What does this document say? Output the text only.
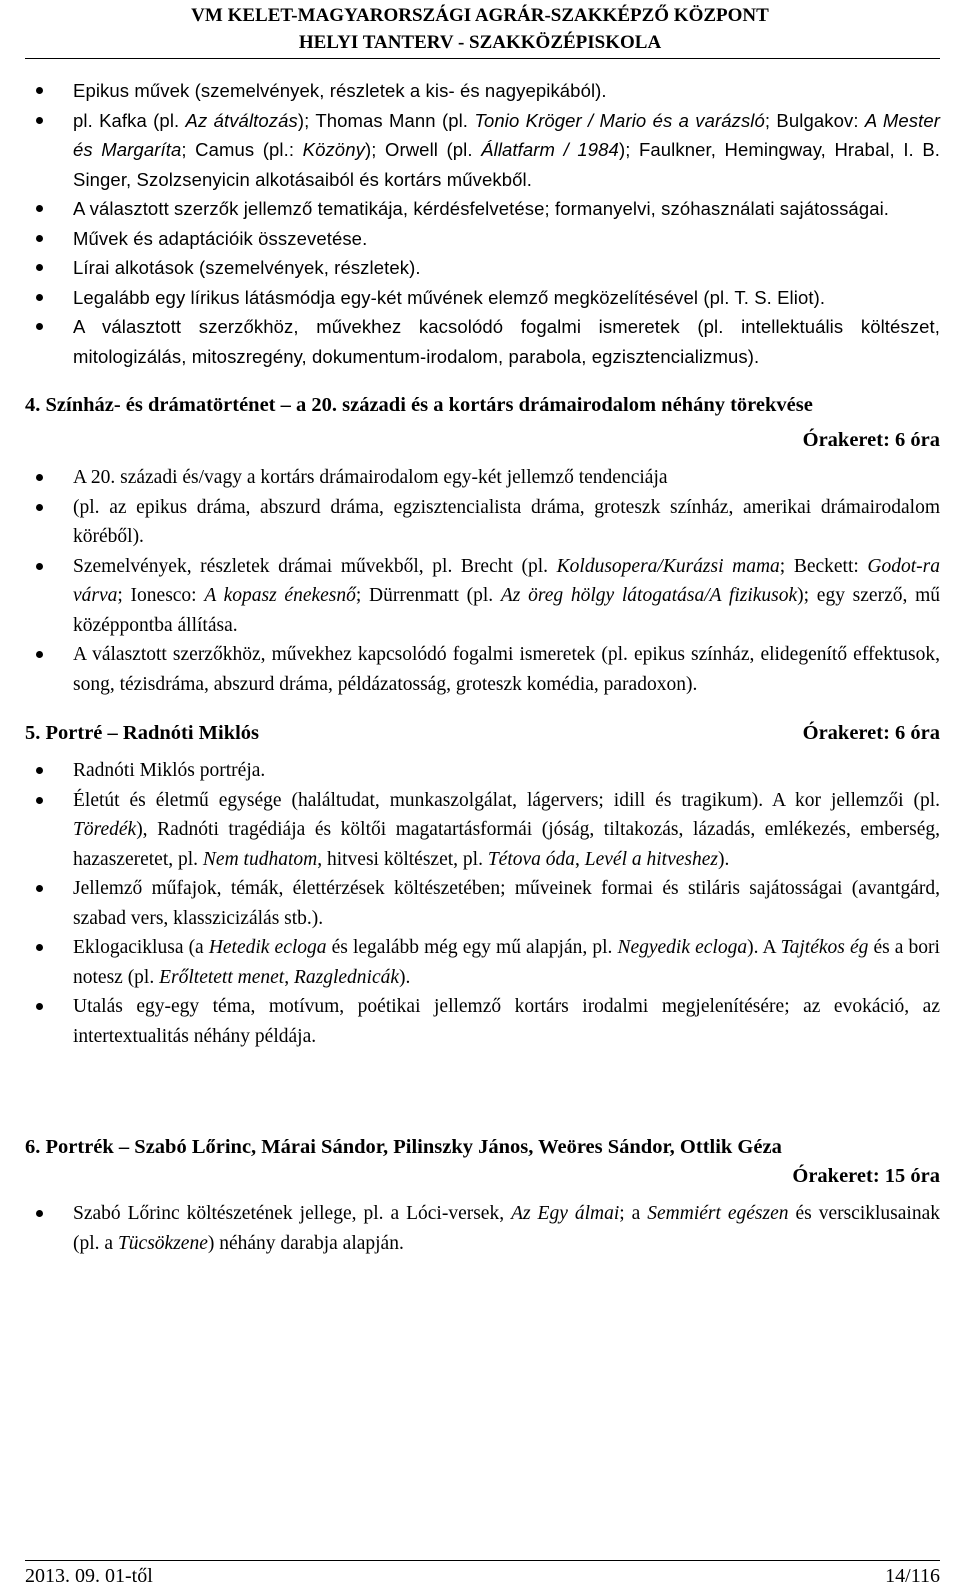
VM KELET-MAGYARORSZÁGI AGRÁR-SZAKKÉPZŐ KÖZPONT
HELYI TANTERV - SZAKKÖZÉPISKOLA
Epikus művek (szemelvények, részletek a kis- és nagyepikából).
pl. Kafka (pl. Az átváltozás); Thomas Mann (pl. Tonio Kröger / Mario és a varázsló; Bulgakov: A Mester és Margaríta; Camus (pl.: Közöny); Orwell (pl. Állatfarm / 1984); Faulkner, Hemingway, Hrabal, I. B. Singer, Szolzsenyicin alkotásaiból és kortárs művekből.
A választott szerzők jellemző tematikája, kérdésfelvetése; formanyelvi, szóhasználati sajátosságai.
Művek és adaptációik összevetése.
Lírai alkotások (szemelvények, részletek).
Legalább egy lírikus látásmódja egy-két művének elemző megközelítésével (pl. T. S. Eliot).
A választott szerzőkhöz, művekhez kacsolódó fogalmi ismeretek (pl. intellektuális költészet, mitologizálás, mitoszregény, dokumentum-irodalom, parabola, egzisztencializmus).

4. Színház- és drámatörténet – a 20. századi és a kortárs drámairodalom néhány törekvése

Órakeret: 6 óra
A 20. századi és/vagy a kortárs drámairodalom egy-két jellemző tendenciája
(pl. az epikus dráma, abszurd dráma, egzisztencialista dráma, groteszk színház, amerikai drámairodalom köréből).
Szemelvények, részletek drámai művekből, pl. Brecht (pl. Koldusopera/Kurázsi mama; Beckett: Godot-ra várva; Ionesco: A kopasz énekesnő; Dürrenmatt (pl. Az öreg hölgy látogatása/A fizikusok); egy szerző, mű középpontba állítása.
A választott szerzőkhöz, művekhez kapcsolódó fogalmi ismeretek (pl. epikus színház, elidegenítő effektusok, song, tézisdráma, abszurd dráma, példázatosság, groteszk komédia, paradoxon).
5. Portré – Radnóti Miklós	Órakeret: 6 óra
Radnóti Miklós portréja.
Életút és életmű egysége (haláltudat, munkaszolgálat, lágervers; idill és tragikum). A kor jellemzői (pl. Töredék), Radnóti tragédiája és költői magatartásformái (jóság, tiltakozás, lázadás, emlékezés, emberség, hazaszeretet, pl. Nem tudhatom, hitvesi költészet, pl. Tétova óda, Levél a hitveshez).
Jellemző műfajok, témák, élettérzések költészetében; műveinek formai és stiláris sajátosságai (avantgárd, szabad vers, klasszicizálás stb.).
Eklogaciklusa (a Hetedik ecloga és legalább még egy mű alapján, pl. Negyedik ecloga). A Tajtékos ég és a bori notesz (pl. Erőltetett menet, Razglednicák).
Utalás egy-egy téma, motívum, poétikai jellemző kortárs irodalmi megjelenítésére; az evokáció, az intertextualitás néhány példája.

6. Portrék – Szabó Lőrinc, Márai Sándor, Pilinszky János, Weöres Sándor, Ottlik Géza

Órakeret: 15 óra
Szabó Lőrinc költészetének jellege, pl. a Lóci-versek, Az Egy álmai; a Semmiért egészen és versciklusainak (pl. a Tücsökzene) néhány darabja alapján.
2013. 09. 01-től	14/116
